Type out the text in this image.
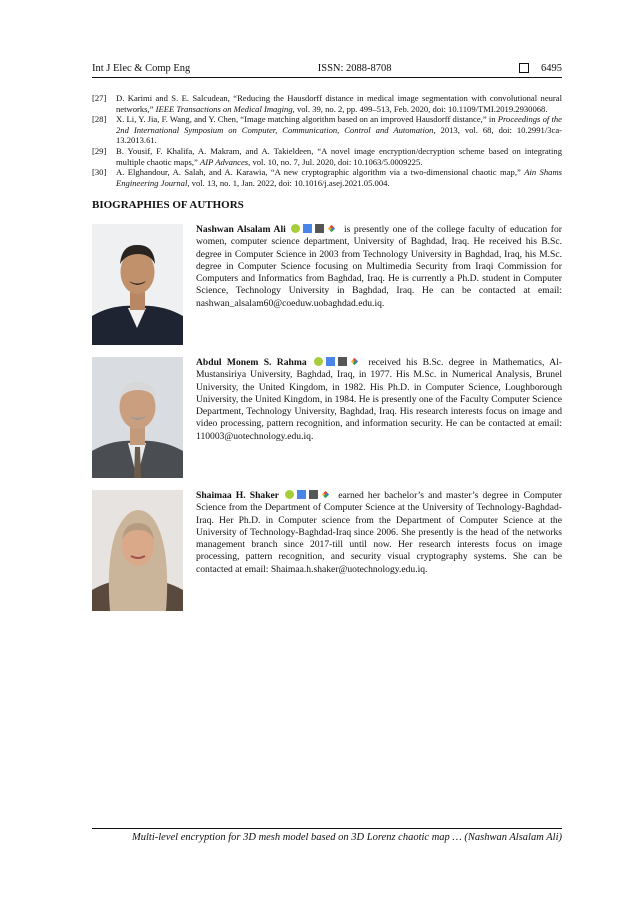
Int J Elec & Comp Eng	ISSN: 2088-8708	6495
[27]	D. Karimi and S. E. Salcudean, “Reducing the Hausdorff distance in medical image segmentation with convolutional neural networks,” IEEE Transactions on Medical Imaging, vol. 39, no. 2, pp. 499–513, Feb. 2020, doi: 10.1109/TMI.2019.2930068.
[28]	X. Li, Y. Jia, F. Wang, and Y. Chen, “Image matching algorithm based on an improved Hausdorff distance,” in Proceedings of the 2nd International Symposium on Computer, Communication, Control and Automation, 2013, vol. 68, doi: 10.2991/3ca-13.2013.61.
[29]	B. Yousif, F. Khalifa, A. Makram, and A. Takieldeen, “A novel image encryption/decryption scheme based on integrating multiple chaotic maps,” AIP Advances, vol. 10, no. 7, Jul. 2020, doi: 10.1063/5.0009225.
[30]	A. Elghandour, A. Salah, and A. Karawia, “A new cryptographic algorithm via a two-dimensional chaotic map,” Ain Shams Engineering Journal, vol. 13, no. 1, Jan. 2022, doi: 10.1016/j.asej.2021.05.004.
BIOGRAPHIES OF AUTHORS
Nashwan Alsalam Ali	is presently one of the college faculty of education for women, computer science department, University of Baghdad, Iraq. He received his B.Sc. degree in Computer Science in 2003 from Technology University in Baghdad, Iraq, his M.Sc. degree in Computer Science focusing on Multimedia Security from Iraqi Commission for Computers and Informatics from Baghdad, Iraq. He is currently a Ph.D. student in Computer Science, Technology University in Baghdad, Iraq. He can be contacted at email: nashwan_alsalam60@coeduw.uobaghdad.edu.iq.
Abdul Monem S. Rahma	received his B.Sc. degree in Mathematics, Al- Mustansiriya University, Baghdad, Iraq, in 1977. His M.Sc. in Numerical Analysis, Brunel University, the United Kingdom, in 1982. His Ph.D. in Computer Science, Loughborough University, the United Kingdom, in 1984. He is presently one of the Faculty Computer Science Department, Technology University, Baghdad, Iraq. His research interests focus on image and video processing, pattern recognition, and information security. He can be contacted at email: 110003@uotechnology.edu.iq.
Shaimaa H. Shaker	earned her bachelor’s and master’s degree in Computer Science from the Department of Computer Science at the University of Technology-Baghdad-Iraq. Her Ph.D. in Computer science from the Department of Computer Science at the University of Technology-Baghdad-Iraq since 2006. She presently is the head of the networks management branch since 2017-till until now. Her research interests focus on image processing, pattern recognition, and security visual cryptography systems. She can be contacted at email: Shaimaa.h.shaker@uotechnology.edu.iq.
Multi-level encryption for 3D mesh model based on 3D Lorenz chaotic map … (Nashwan Alsalam Ali)
